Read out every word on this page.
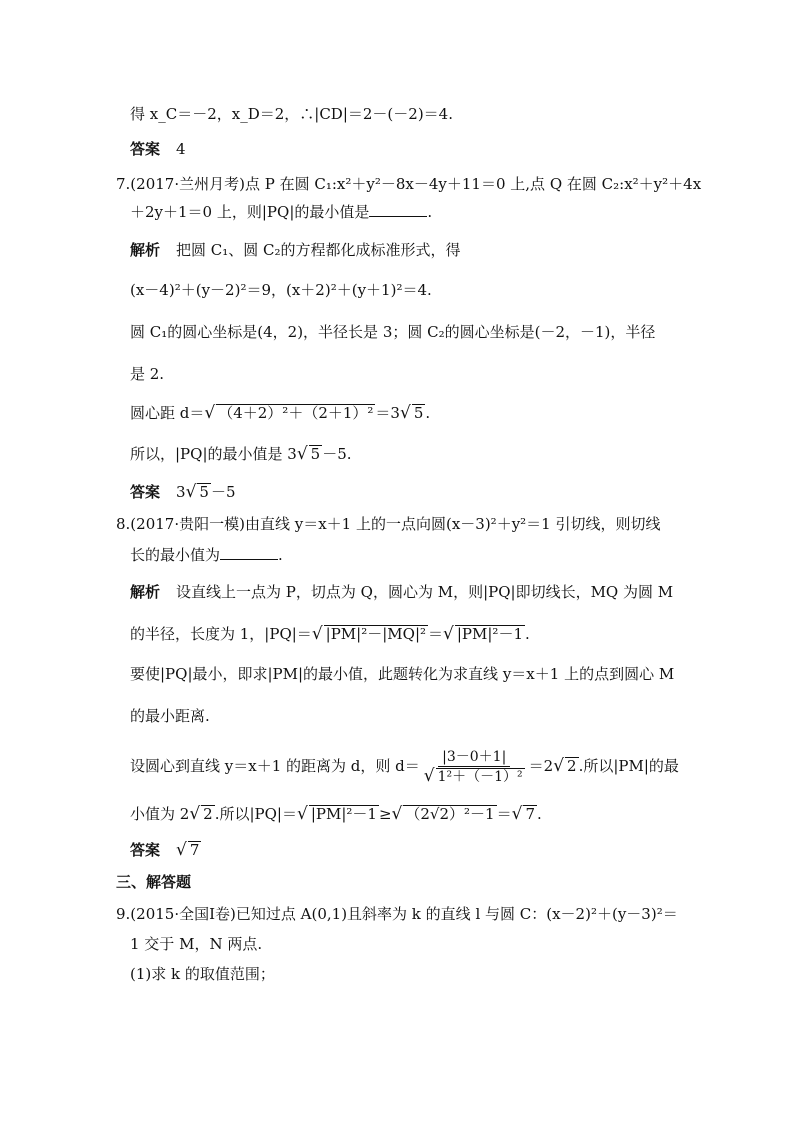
得 x_C＝－2，x_D＝2，∴|CD|＝2－(－2)＝4.
答案 4
7.(2017·兰州月考)点 P 在圆 C₁:x²＋y²－8x－4y＋11＝0 上,点 Q 在圆 C₂:x²＋y²＋4x
＋2y＋1＝0 上，则|PQ|的最小值是	.
解析 把圆 C₁、圆 C₂的方程都化成标准形式，得
(x－4)²＋(y－2)²＝9，(x＋2)²＋(y＋1)²＝4.
圆 C₁的圆心坐标是(4，2)，半径长是 3；圆 C₂的圆心坐标是(－2，－1)，半径
是 2.
圆心距 d＝√ （4＋2）²＋（2＋1）² ＝3√ 5 .
所以，|PQ|的最小值是 3√ 5 －5.
答案 3√ 5 －5
8.(2017·贵阳一模)由直线 y＝x＋1 上的一点向圆(x－3)²＋y²＝1 引切线，则切线
长的最小值为	.
解析 设直线上一点为 P，切点为 Q，圆心为 M，则|PQ|即切线长，MQ 为圆 M
的半径，长度为 1，|PQ|＝√ |PM|²－|MQ|² ＝√ |PM|²－1 .
要使|PQ|最小，即求|PM|的最小值，此题转化为求直线 y＝x＋1 上的点到圆心 M
的最小距离.
设圆心到直线 y＝x＋1 的距离为 d，则 $d= \frac{|3-0+1|}{\text{√ 1²＋（－1）²}} =2√$ 2 .所以|PM|的最
小值为 2√ 2 .所以|PQ|＝√ |PM|²－1 ≥√ （2√2）²－1 ＝√ 7 .
答案 √ 7
三、解答题
9.(2015·全国Ⅰ卷)已知过点 A(0,1)且斜率为 k 的直线 l 与圆 C：(x－2)²＋(y－3)²＝
1 交于 M，N 两点.
(1)求 k 的取值范围；
